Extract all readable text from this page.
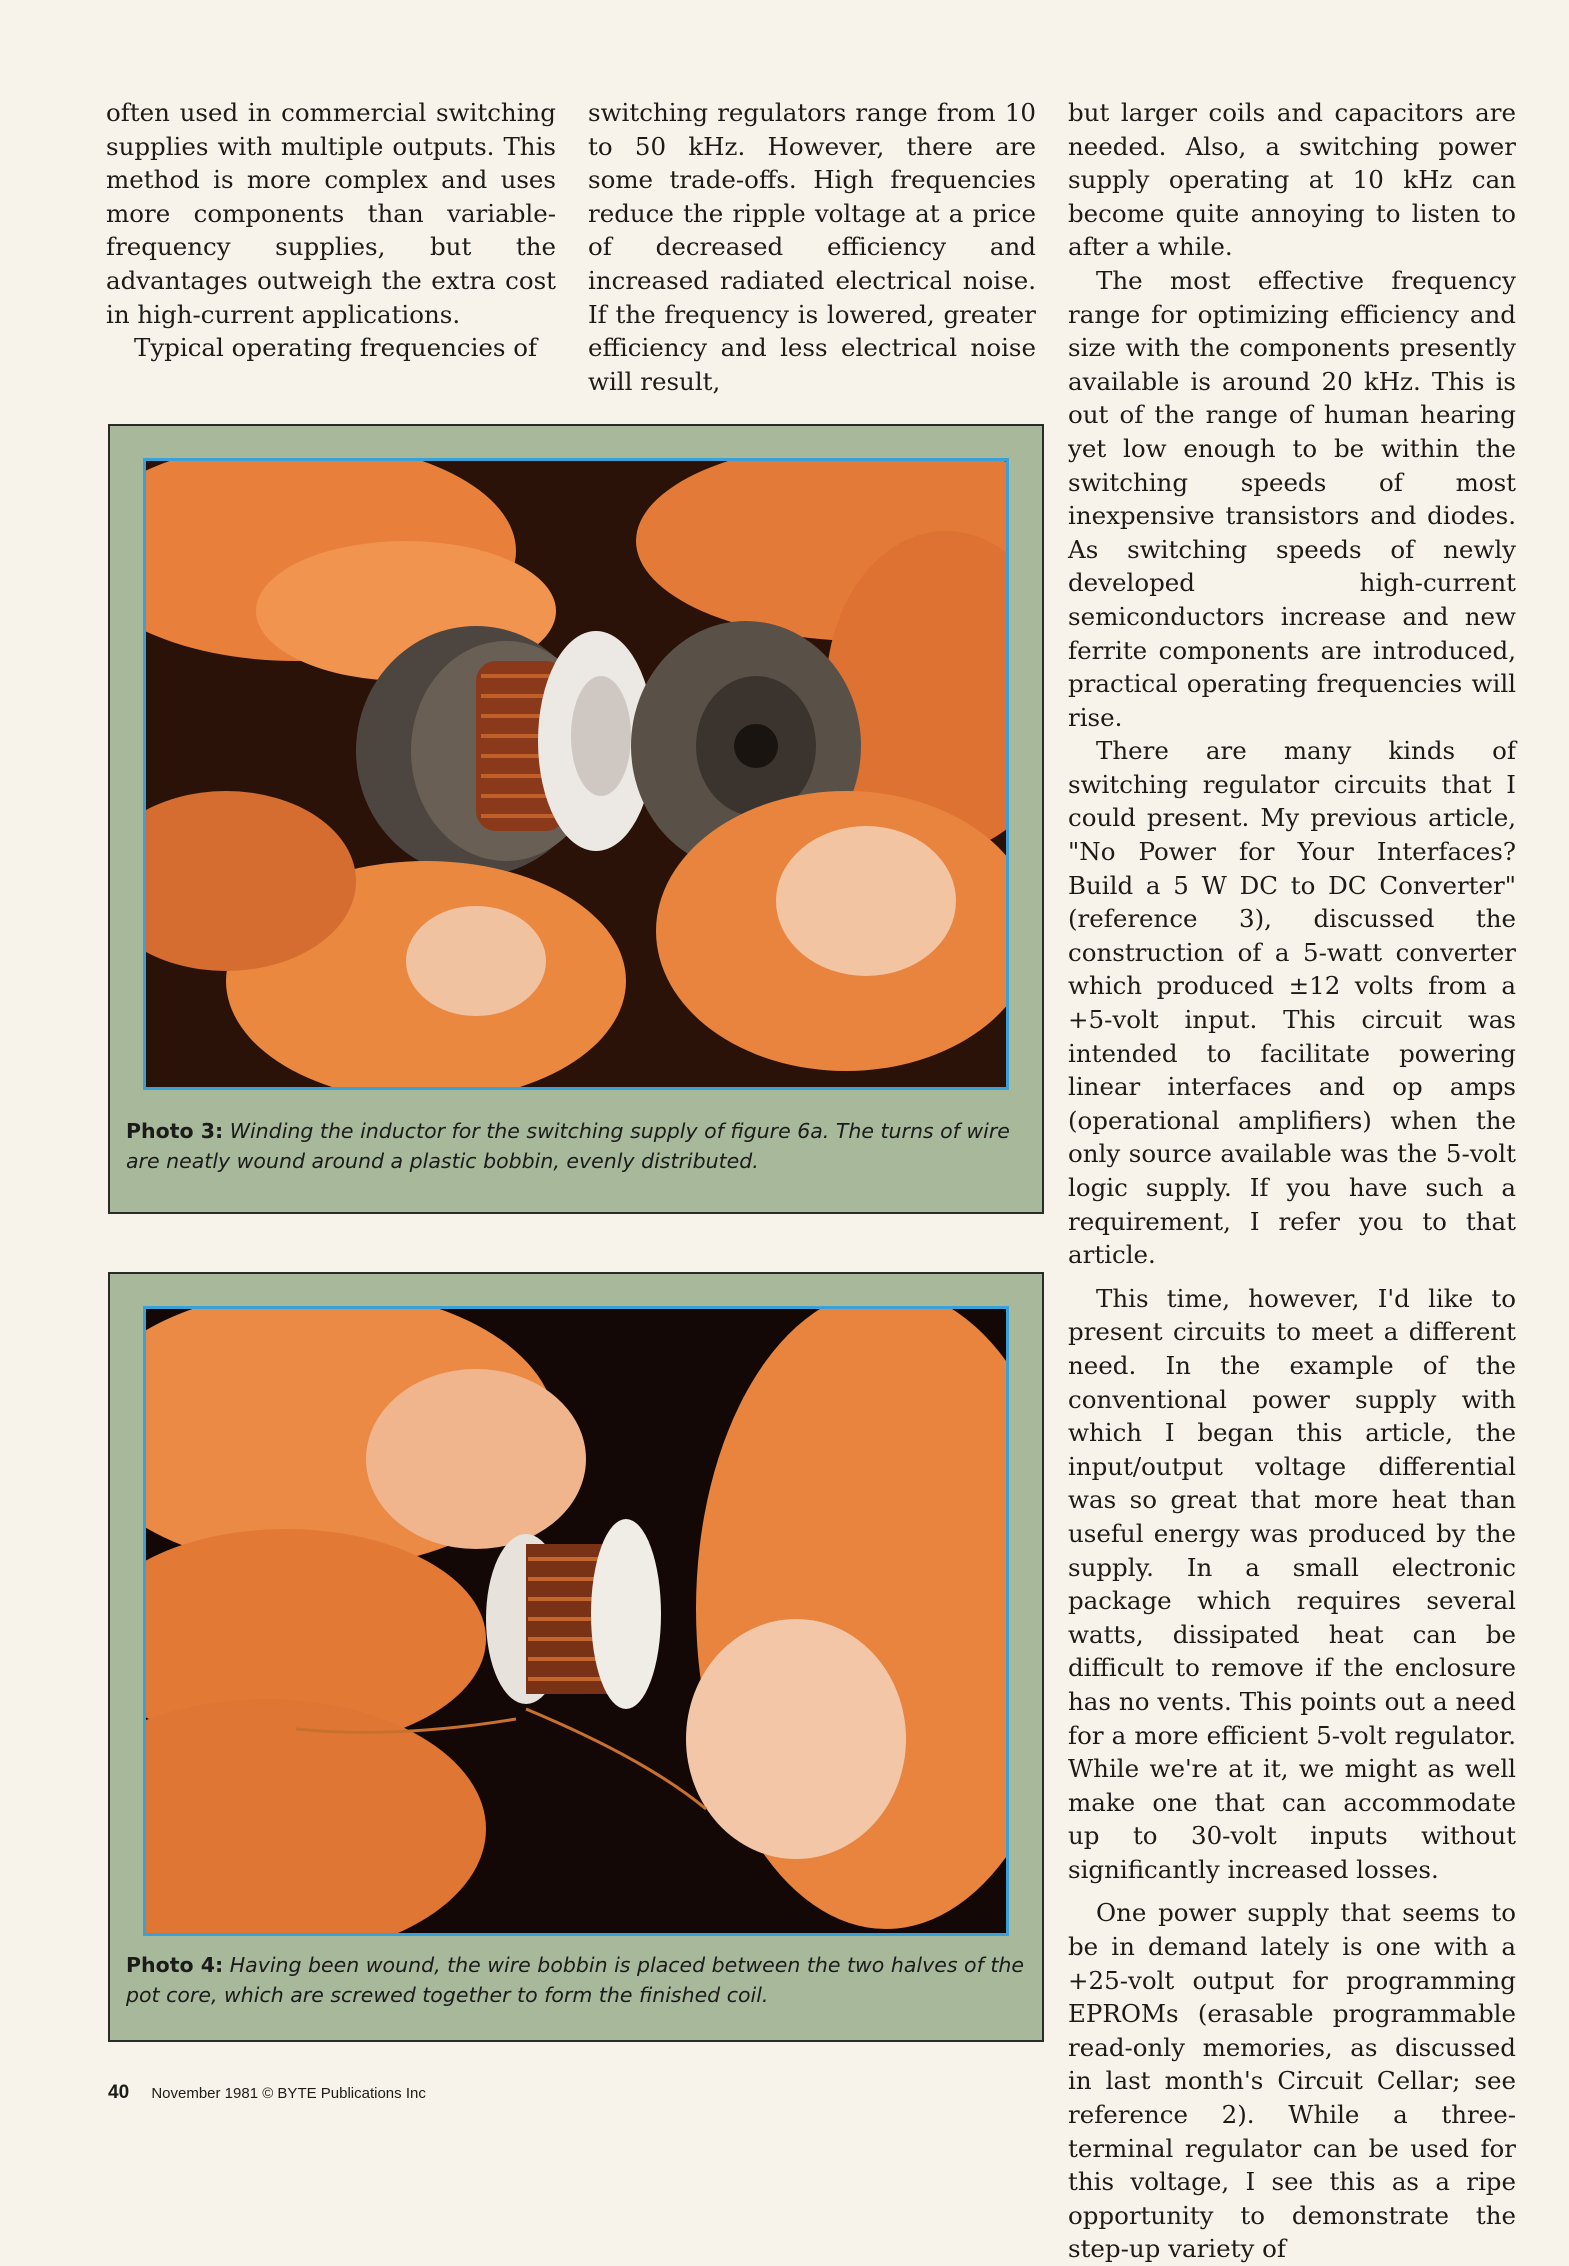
often used in commercial switching supplies with multiple outputs. This method is more complex and uses more components than variable-frequency supplies, but the advantages outweigh the extra cost in high-current applications.

Typical operating frequencies of

switching regulators range from 10 to 50 kHz. However, there are some trade-offs. High frequencies reduce the ripple voltage at a price of decreased efficiency and increased radiated electrical noise. If the frequency is lowered, greater efficiency and less electrical noise will result,

but larger coils and capacitors are needed. Also, a switching power supply operating at 10 kHz can become quite annoying to listen to after a while.

The most effective frequency range for optimizing efficiency and size with the components presently available is around 20 kHz. This is out of the range of human hearing yet low enough to be within the switching speeds of most inexpensive transistors and diodes. As switching speeds of newly developed high-current semiconductors increase and new ferrite components are introduced, practical operating frequencies will rise.

There are many kinds of switching regulator circuits that I could present. My previous article, "No Power for Your Interfaces? Build a 5 W DC to DC Converter" (reference 3), discussed the construction of a 5-watt converter which produced ±12 volts from a +5-volt input. This circuit was intended to facilitate powering linear interfaces and op amps (operational amplifiers) when the only source available was the 5-volt logic supply. If you have such a requirement, I refer you to that article.

This time, however, I'd like to present circuits to meet a different need. In the example of the conventional power supply with which I began this article, the input/output voltage differential was so great that more heat than useful energy was produced by the supply. In a small electronic package which requires several watts, dissipated heat can be difficult to remove if the enclosure has no vents. This points out a need for a more efficient 5-volt regulator. While we're at it, we might as well make one that can accommodate up to 30-volt inputs without significantly increased losses.

One power supply that seems to be in demand lately is one with a +25-volt output for programming EPROMs (erasable programmable read-only memories, as discussed in last month's Circuit Cellar; see reference 2). While a three-terminal regulator can be used for this voltage, I see this as a ripe opportunity to demonstrate the step-up variety of

Photo 3: Winding the inductor for the switching supply of figure 6a. The turns of wire are neatly wound around a plastic bobbin, evenly distributed.
Photo 4: Having been wound, the wire bobbin is placed between the two halves of the pot core, which are screwed together to form the finished coil.
40 November 1981 © BYTE Publications Inc
